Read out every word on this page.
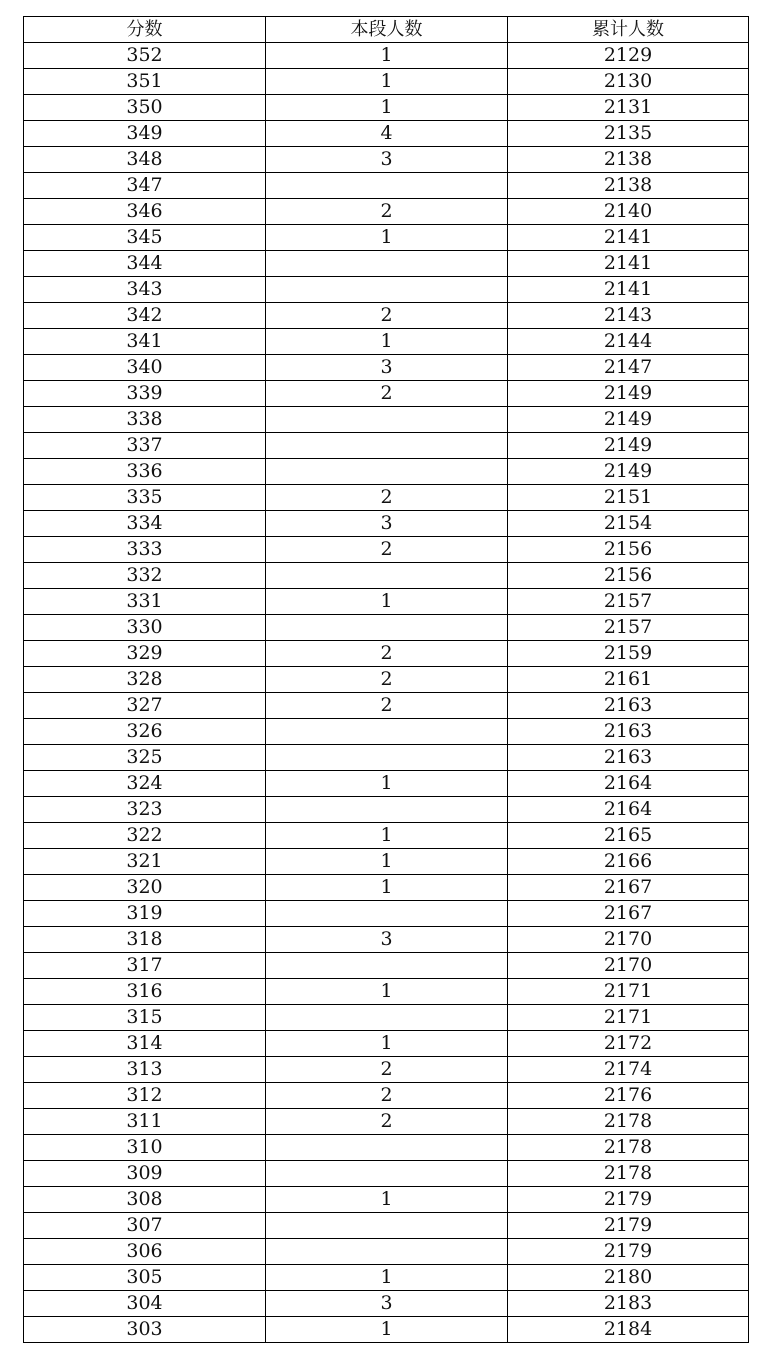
分数	本段人数	累计人数
352	1	2129
351	1	2130
350	1	2131
349	4	2135
348	3	2138
347		2138
346	2	2140
345	1	2141
344		2141
343		2141
342	2	2143
341	1	2144
340	3	2147
339	2	2149
338		2149
337		2149
336		2149
335	2	2151
334	3	2154
333	2	2156
332		2156
331	1	2157
330		2157
329	2	2159
328	2	2161
327	2	2163
326		2163
325		2163
324	1	2164
323		2164
322	1	2165
321	1	2166
320	1	2167
319		2167
318	3	2170
317		2170
316	1	2171
315		2171
314	1	2172
313	2	2174
312	2	2176
311	2	2178
310		2178
309		2178
308	1	2179
307		2179
306		2179
305	1	2180
304	3	2183
303	1	2184
